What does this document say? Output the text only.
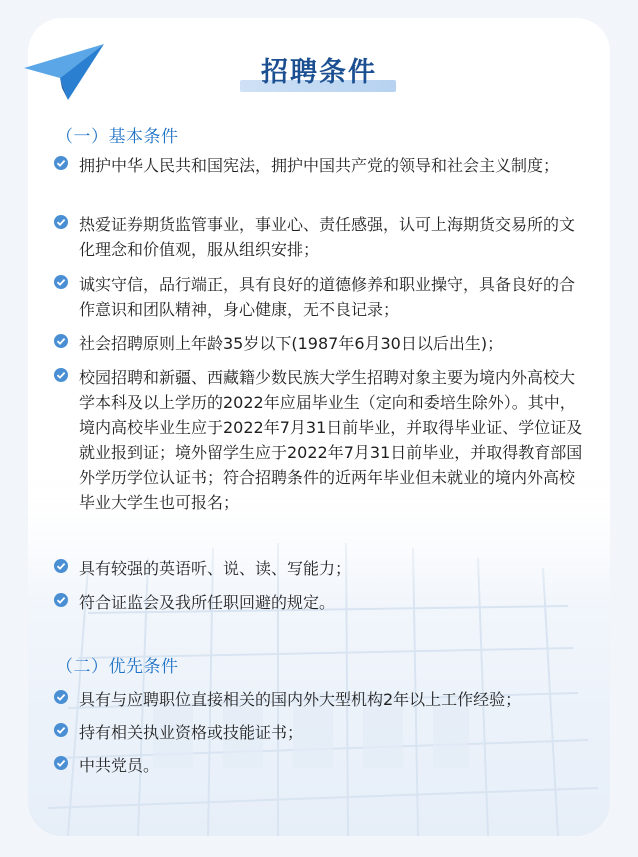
招聘条件
（一）基本条件
拥护中华人民共和国宪法，拥护中国共产党的领导和社会主义制度；
热爱证券期货监管事业，事业心、责任感强，认可上海期货交易所的文化理念和价值观，服从组织安排；
诚实守信，品行端正，具有良好的道德修养和职业操守，具备良好的合作意识和团队精神，身心健康，无不良记录；
社会招聘原则上年龄35岁以下(1987年6月30日以后出生)；
校园招聘和新疆、西藏籍少数民族大学生招聘对象主要为境内外高校大学本科及以上学历的2022年应届毕业生（定向和委培生除外）。其中，境内高校毕业生应于2022年7月31日前毕业，并取得毕业证、学位证及就业报到证；境外留学生应于2022年7月31日前毕业，并取得教育部国外学历学位认证书；符合招聘条件的近两年毕业但未就业的境内外高校毕业大学生也可报名；
具有较强的英语听、说、读、写能力；
符合证监会及我所任职回避的规定。
（二）优先条件
具有与应聘职位直接相关的国内外大型机构2年以上工作经验；
持有相关执业资格或技能证书；
中共党员。
